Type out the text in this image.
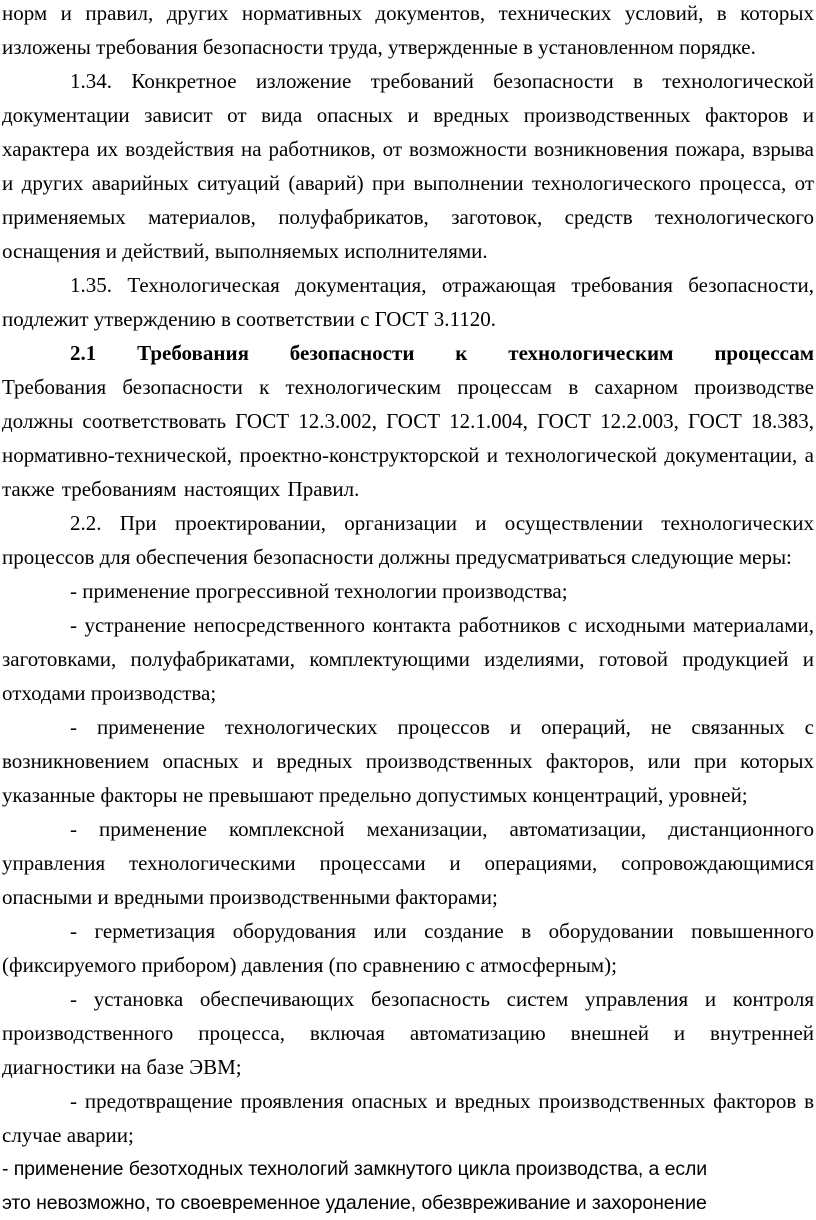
норм и правил, других нормативных документов, технических условий, в которых изложены требования безопасности труда, утвержденные в установленном порядке.

1.34. Конкретное изложение требований безопасности в технологической документации зависит от вида опасных и вредных производственных факторов и характера их воздействия на работников, от возможности возникновения пожара, взрыва и других аварийных ситуаций (аварий) при выполнении технологического процесса, от применяемых материалов, полуфабрикатов, заготовок, средств технологического оснащения и действий, выполняемых исполнителями.

1.35. Технологическая документация, отражающая требования безопасности, подлежит утверждению в соответствии с ГОСТ 3.1120.

2.1 Требования безопасности к технологическим процессам

Требования безопасности к технологическим процессам в сахарном производстве должны соответствовать ГОСТ 12.3.002, ГОСТ 12.1.004, ГОСТ 12.2.003, ГОСТ 18.383, нормативно-технической, проектно-конструкторской и технологической документации, а также требованиям настоящих Правил.

2.2. При проектировании, организации и осуществлении технологических процессов для обеспечения безопасности должны предусматриваться следующие меры:

- применение прогрессивной технологии производства;

- устранение непосредственного контакта работников с исходными материалами, заготовками, полуфабрикатами, комплектующими изделиями, готовой продукцией и отходами производства;

- применение технологических процессов и операций, не связанных с возникновением опасных и вредных производственных факторов, или при которых указанные факторы не превышают предельно допустимых концентраций, уровней;

- применение комплексной механизации, автоматизации, дистанционного управления технологическими процессами и операциями, сопровождающимися опасными и вредными производственными факторами;

- герметизация оборудования или создание в оборудовании повышенного (фиксируемого прибором) давления (по сравнению с атмосферным);

- установка обеспечивающих безопасность систем управления и контроля производственного процесса, включая автоматизацию внешней и внутренней диагностики на базе ЭВМ;

- предотвращение проявления опасных и вредных производственных факторов в случае аварии;

- применение безотходных технологий замкнутого цикла производства, а если

это невозможно, то своевременное удаление, обезвреживание и захоронение
